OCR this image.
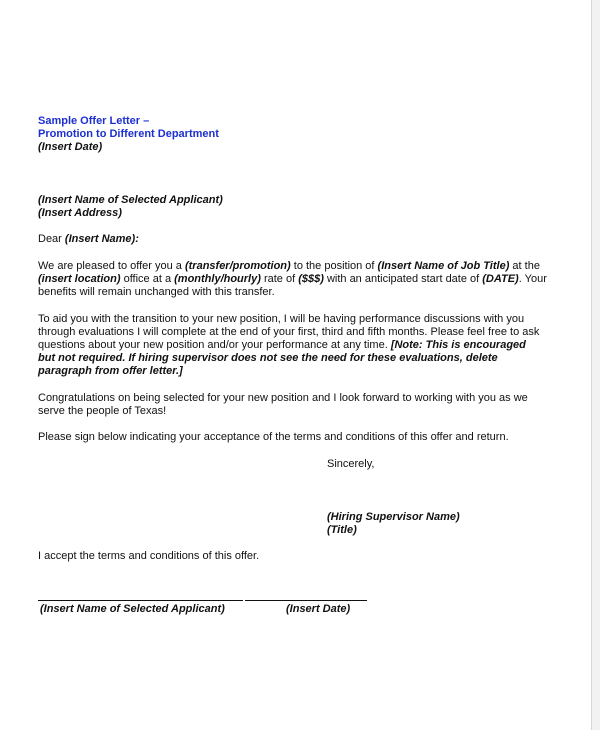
Sample Offer Letter –
Promotion to Different Department
(Insert Date)
(Insert Name of Selected Applicant)
(Insert Address)
Dear (Insert Name):
We are pleased to offer you a (transfer/promotion) to the position of (Insert Name of Job Title) at the
(insert location) office at a (monthly/hourly) rate of ($$$) with an anticipated start date of (DATE). Your
benefits will remain unchanged with this transfer.
To aid you with the transition to your new position, I will be having performance discussions with you
through evaluations I will complete at the end of your first, third and fifth months. Please feel free to ask
questions about your new position and/or your performance at any time. [Note: This is encouraged
but not required. If hiring supervisor does not see the need for these evaluations, delete
paragraph from offer letter.]
Congratulations on being selected for your new position and I look forward to working with you as we
serve the people of Texas!
Please sign below indicating your acceptance of the terms and conditions of this offer and return.
Sincerely,
(Hiring Supervisor Name)
(Title)
I accept the terms and conditions of this offer.
(Insert Name of Selected Applicant)	(Insert Date)
